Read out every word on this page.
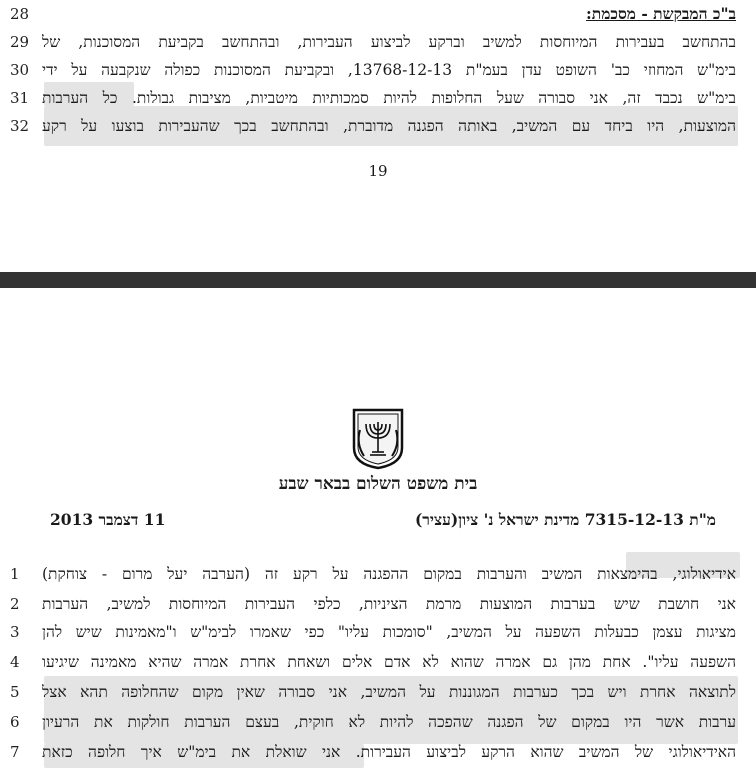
ב"כ המבקשת - מסכמת:
28
29 בהתחשב בעבירות המיוחסות למשיב וברקע לביצוע העבירות, ובהתחשב בקביעת המסוכנות, של
30 בימ"ש המחוזי כב' השופט עדן בעמ"ת 13768-12-13, ובקביעת המסוכנות כפולה שנקבעה על ידי
31 בימ"ש נכבד זה, אני סבורה שעל החלופות להיות סמכותיות מיטביות, מציבות גבולות. כל הערבות
32 המוצעות, היו ביחד עם המשיב, באותה הפגנה מדוברת, ובהתחשב בכך שהעבירות בוצעו על רקע
19
בית משפט השלום בבאר שבע
מ"ת 7315-12-13 מדינת ישראל נ' ציון(עציר)
11 דצמבר 2013
1	אידיאולוגי, בהימצאות המשיב והערבות במקום ההפגנה על רקע זה (הערבה יעל מרום - צוחקת)
2	אני חושבת שיש בערבות המוצעות מרמת הציניות, כלפי העבירות המיוחסות למשיב, הערבות
3	מציגות עצמן כבעלות השפעה על המשיב, "סומכות עליו" כפי שאמרו לבימ"ש ו"מאמינות שיש להן
4	השפעה עליו". אחת מהן גם אמרה שהוא לא אדם אלים ושאחת אחרת אמרה שהיא מאמינה שיגיעו
5	לתוצאה אחרת ויש בכך כערבות המגוננות על המשיב, אני סבורה שאין מקום שהחלופה תהא אצל
6	ערבות אשר היו במקום של הפגנה שהפכה להיות לא חוקית, בעצם הערבות חולקות את הרעיון
7	האידיאולוגי של המשיב שהוא הרקע לביצוע העבירות. אני שואלת את בימ"ש איך חלופה כזאת
